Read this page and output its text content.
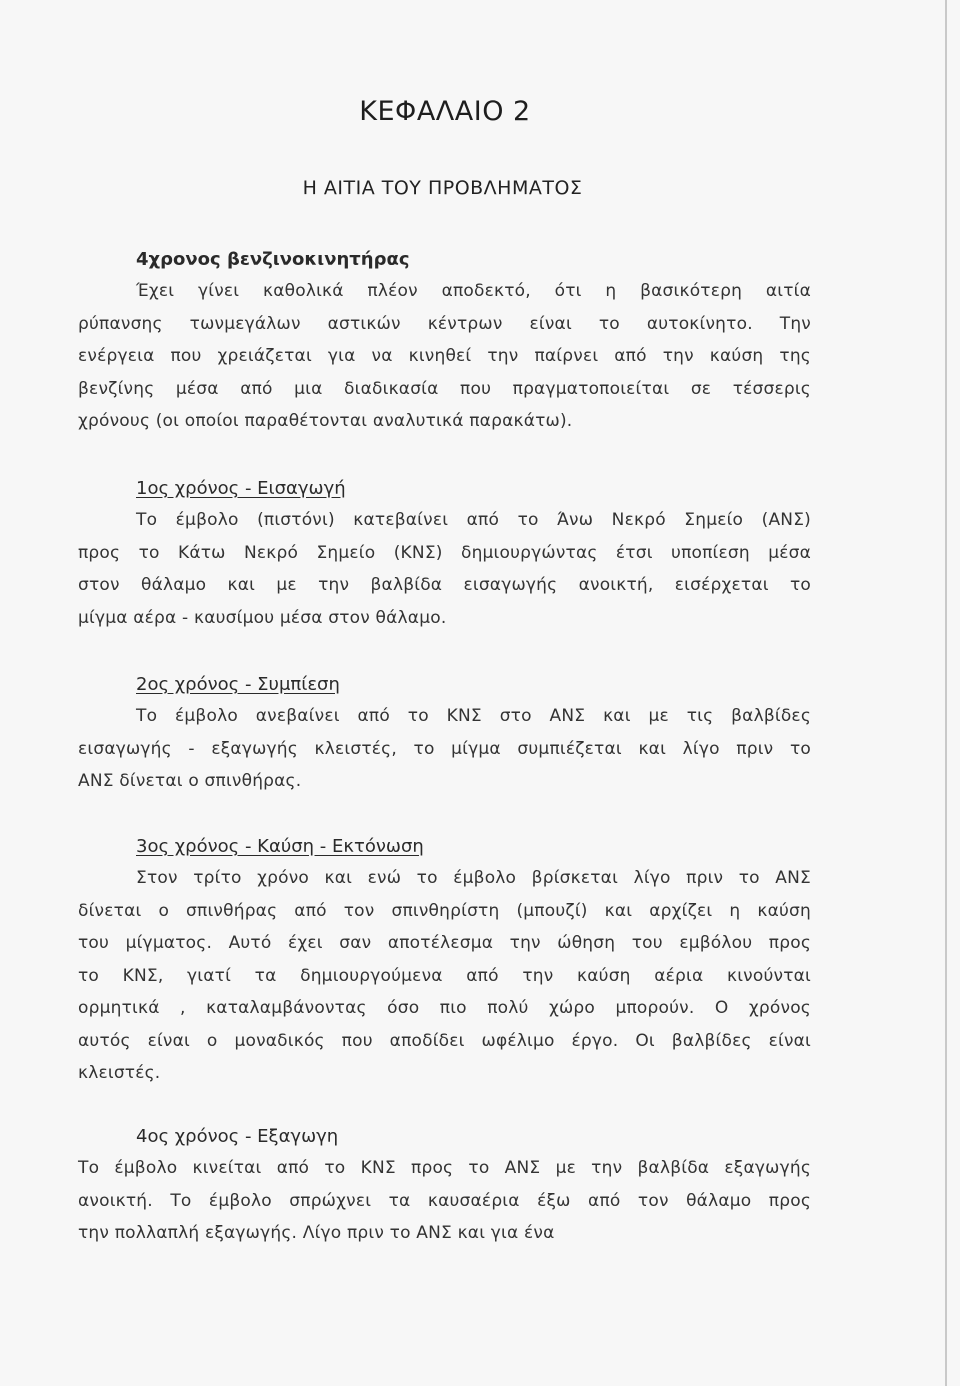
ΚΕΦΑΛΑΙΟ 2
Η ΑΙΤΙΑ ΤΟΥ ΠΡΟΒΛΗΜΑΤΟΣ
4χρονος βενζινοκινητήρας
Έχει γίνει καθολικά πλέον αποδεκτό, ότι η βασικότερη αιτία
ρύπανσης τωνμεγάλων αστικών κέντρων είναι το αυτοκίνητο. Την
ενέργεια που χρειάζεται για να κινηθεί την παίρνει από την καύση της
βενζίνης μέσα από μια διαδικασία που πραγματοποιείται σε τέσσερις
χρόνους (οι οποίοι παραθέτονται αναλυτικά παρακάτω).
1ος χρόνος - Εισαγωγή
Το έμβολο (πιστόνι) κατεβαίνει από το Άνω Νεκρό Σημείο (ΑΝΣ)
προς το Κάτω Νεκρό Σημείο (ΚΝΣ) δημιουργώντας έτσι υποπίεση μέσα
στον θάλαμο και με την βαλβίδα εισαγωγής ανοικτή, εισέρχεται το
μίγμα αέρα - καυσίμου μέσα στον θάλαμο.
2ος χρόνος - Συμπίεση
Το έμβολο ανεβαίνει από το ΚΝΣ στο ΑΝΣ και με τις βαλβίδες
εισαγωγής - εξαγωγής κλειστές, το μίγμα συμπιέζεται και λίγο πριν το
ΑΝΣ δίνεται ο σπινθήρας.
3ος χρόνος - Καύση - Εκτόνωση
Στον τρίτο χρόνο και ενώ το έμβολο βρίσκεται λίγο πριν το ΑΝΣ
δίνεται ο σπινθήρας από τον σπινθηρίστη (μπουζί) και αρχίζει η καύση
του μίγματος. Αυτό έχει σαν αποτέλεσμα την ώθηση του εμβόλου προς
το ΚΝΣ, γιατί τα δημιουργούμενα από την καύση αέρια κινούνται
ορμητικά , καταλαμβάνοντας όσο πιο πολύ χώρο μπορούν. Ο χρόνος
αυτός είναι ο μοναδικός που αποδίδει ωφέλιμο έργο. Οι βαλβίδες είναι
κλειστές.
4ος χρόνος - Εξαγωγη
Το έμβολο κινείται από το ΚΝΣ προς το ΑΝΣ με την βαλβίδα εξαγωγής
ανοικτή. Το έμβολο σπρώχνει τα καυσαέρια έξω από τον θάλαμο προς
την πολλαπλή εξαγωγής. Λίγο πριν το ΑΝΣ και για ένα
